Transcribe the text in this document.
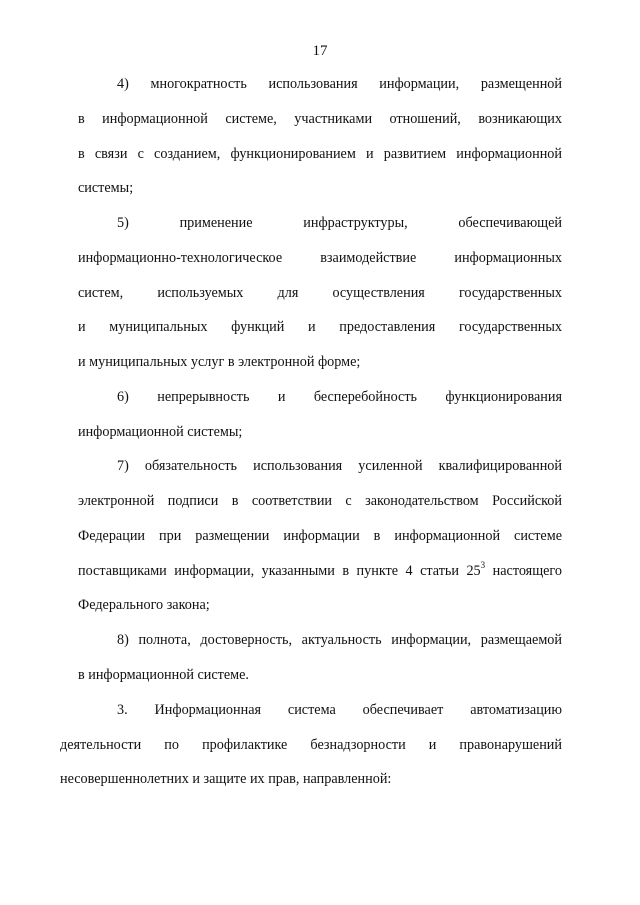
17
4) многократность использования информации, размещенной
в информационной системе, участниками отношений, возникающих
в связи с созданием, функционированием и развитием информационной
системы;
5) применение инфраструктуры, обеспечивающей
информационно-технологическое взаимодействие информационных
систем, используемых для осуществления государственных
и муниципальных функций и предоставления государственных
и муниципальных услуг в электронной форме;
6) непрерывность и бесперебойность функционирования
информационной системы;
7) обязательность использования усиленной квалифицированной
электронной подписи в соответствии с законодательством Российской
Федерации при размещении информации в информационной системе
поставщиками информации, указанными в пункте 4 статьи $25^3$ настоящего
Федерального закона;
8) полнота, достоверность, актуальность информации, размещаемой
в информационной системе.
3. Информационная система обеспечивает автоматизацию
деятельности по профилактике безнадзорности и правонарушений
несовершеннолетних и защите их прав, направленной:
